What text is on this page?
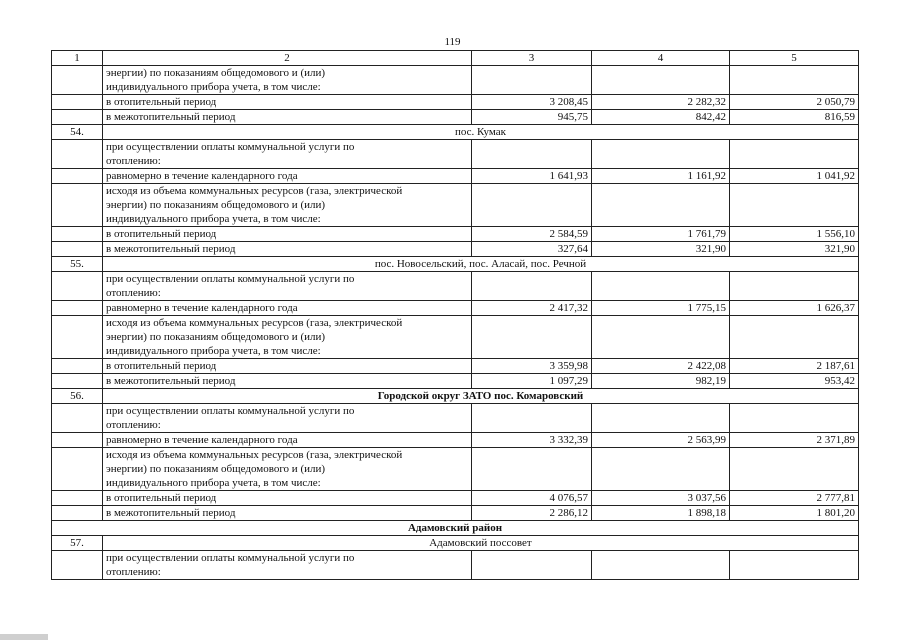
119
1	2	3	4	5

	энергии) по показаниям общедомового и (или)
индивидуального прибора учета, в том числе:			

	в отопительный период	3 208,45	2 282,32	2 050,79
	в межотопительный период	945,75	842,42	816,59
54.	пос. Кумак			

	при осуществлении оплаты коммунальной услуги по
отоплению:			

	равномерно в течение календарного года	1 641,93	1 161,92	1 041,92

	исходя из объема коммунальных ресурсов (газа, электрической
энергии) по показаниям общедомового и (или)
индивидуального прибора учета, в том числе:			

	в отопительный период	2 584,59	1 761,79	1 556,10
	в межотопительный период	327,64	321,90	321,90
55.	пос. Новосельский, пос. Аласай, пос. Речной			

	при осуществлении оплаты коммунальной услуги по
отоплению:			

	равномерно в течение календарного года	2 417,32	1 775,15	1 626,37

	исходя из объема коммунальных ресурсов (газа, электрической
энергии) по показаниям общедомового и (или)
индивидуального прибора учета, в том числе:			

	в отопительный период	3 359,98	2 422,08	2 187,61
	в межотопительный период	1 097,29	982,19	953,42
56.	Городской округ ЗАТО пос. Комаровский			

	при осуществлении оплаты коммунальной услуги по
отоплению:			

	равномерно в течение календарного года	3 332,39	2 563,99	2 371,89

	исходя из объема коммунальных ресурсов (газа, электрической
энергии) по показаниям общедомового и (или)
индивидуального прибора учета, в том числе:			

	в отопительный период	4 076,57	3 037,56	2 777,81
	в межотопительный период	2 286,12	1 898,18	1 801,20
Адамовский район				
57.	Адамовский поссовет			

	при осуществлении оплаты коммунальной услуги по
отоплению:			
